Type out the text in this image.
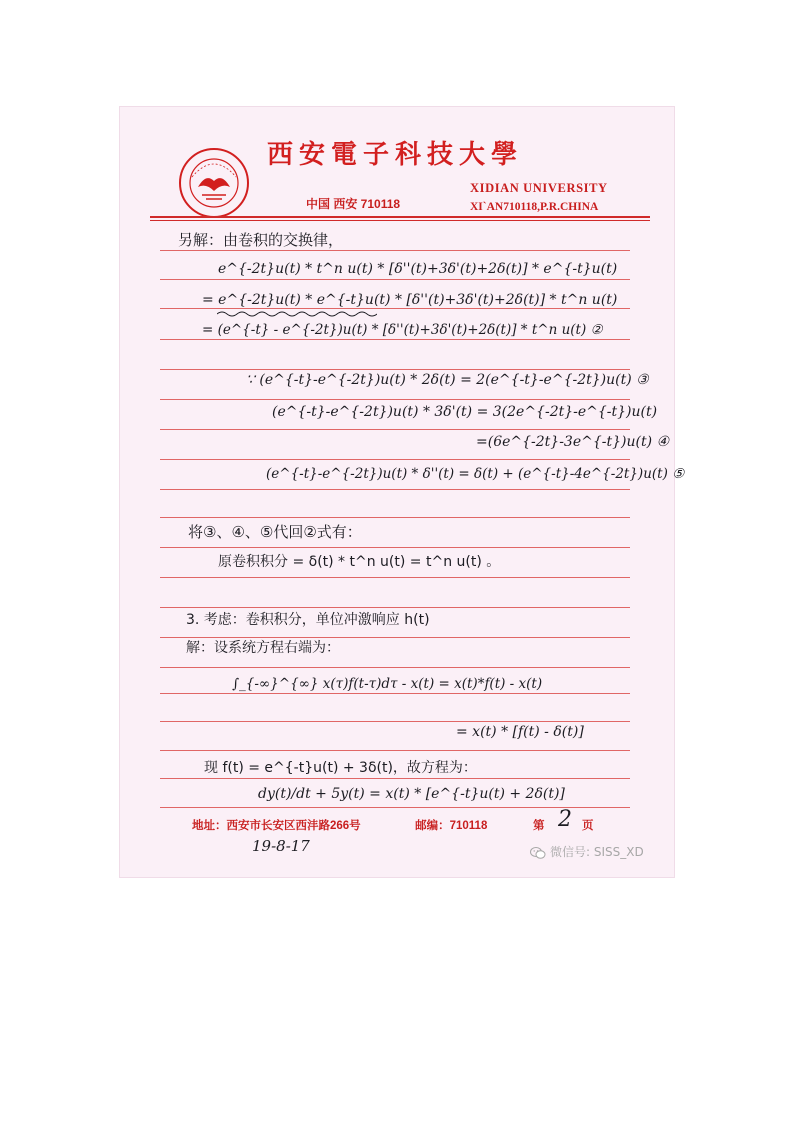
西安電子科技大學
中国 西安 710118
XIDIAN UNIVERSITY
XI`AN710118,P.R.CHINA
另解：由卷积的交换律，
e^{-2t}u(t) * t^n u(t) * [δ''(t)+3δ'(t)+2δ(t)] * e^{-t}u(t)
= e^{-2t}u(t) * e^{-t}u(t) * [δ''(t)+3δ'(t)+2δ(t)] * t^n u(t)
= (e^{-t} - e^{-2t})u(t) * [δ''(t)+3δ'(t)+2δ(t)] * t^n u(t) ②
∵ (e^{-t}-e^{-2t})u(t) * 2δ(t) = 2(e^{-t}-e^{-2t})u(t) ③
(e^{-t}-e^{-2t})u(t) * 3δ'(t) = 3(2e^{-2t}-e^{-t})u(t)
=(6e^{-2t}-3e^{-t})u(t) ④
(e^{-t}-e^{-2t})u(t) * δ''(t) = δ(t) + (e^{-t}-4e^{-2t})u(t) ⑤
将③、④、⑤代回②式有：
原卷积积分 = δ(t) * t^n u(t) = t^n u(t) 。
3. 考虑：卷积积分，单位冲激响应 h(t)
解：设系统方程右端为：
∫_{-∞}^{∞} x(τ)f(t-τ)dτ - x(t) = x(t)*f(t) - x(t)
= x(t) * [f(t) - δ(t)]
现 f(t) = e^{-t}u(t) + 3δ(t)，故方程为：
dy(t)/dt + 5y(t) = x(t) * [e^{-t}u(t) + 2δ(t)]
地址：西安市长安区西沣路266号	邮编：710118	第 2 页
19-8-17	微信号: SISS_XD
